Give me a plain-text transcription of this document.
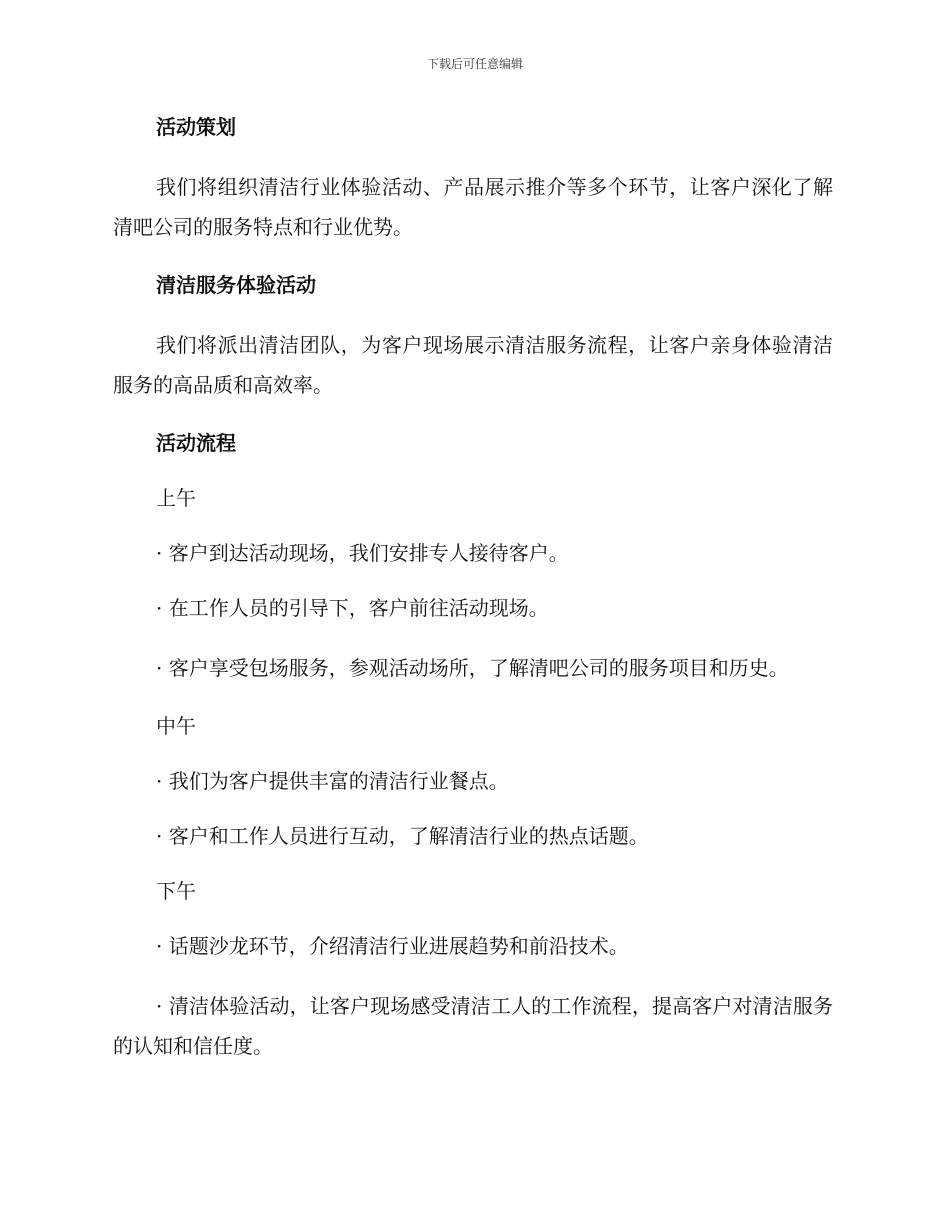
下载后可任意编辑
活动策划

我们将组织清洁行业体验活动、产品展示推介等多个环节，让客户深化了解清吧公司的服务特点和行业优势。

清洁服务体验活动

我们将派出清洁团队，为客户现场展示清洁服务流程，让客户亲身体验清洁服务的高品质和高效率。

活动流程
上午

· 客户到达活动现场，我们安排专人接待客户。

· 在工作人员的引导下，客户前往活动现场。

· 客户享受包场服务，参观活动场所，了解清吧公司的服务项目和历史。

中午

· 我们为客户提供丰富的清洁行业餐点。

· 客户和工作人员进行互动，了解清洁行业的热点话题。

下午

· 话题沙龙环节，介绍清洁行业进展趋势和前沿技术。

· 清洁体验活动，让客户现场感受清洁工人的工作流程，提高客户对清洁服务的认知和信任度。
